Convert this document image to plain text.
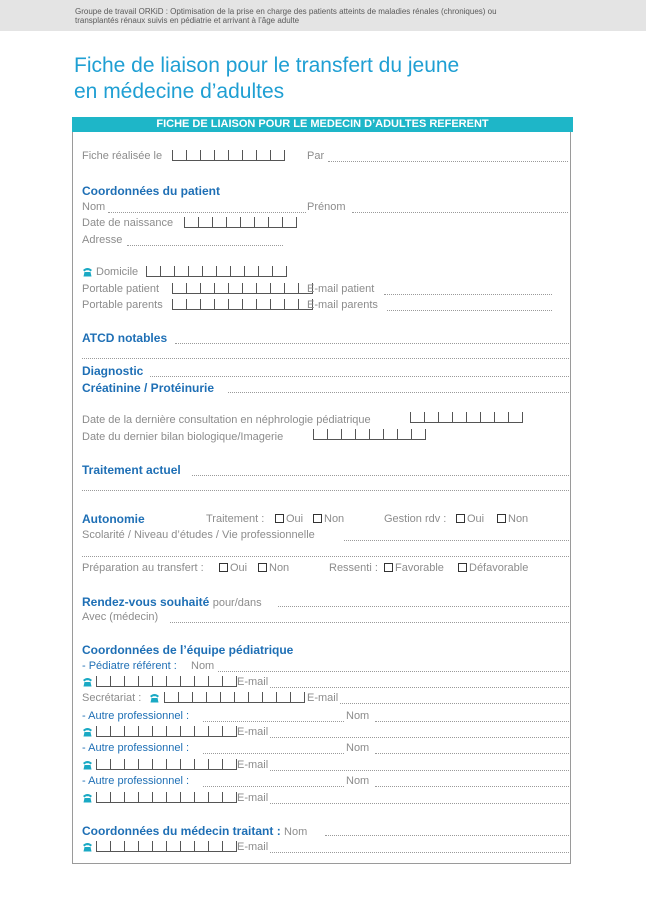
Groupe de travail ORKiD : Optimisation de la prise en charge des patients atteints de maladies rénales (chroniques) ou
transplantés rénaux suivis en pédiatrie et arrivant à l’âge adulte
Fiche de liaison pour le transfert du jeune
en médecine d’adultes
FICHE DE LIAISON POUR LE MEDECIN D’ADULTES REFERENT
Fiche réalisée le	Par
Coordonnées du patient
Nom	Prénom
Date de naissance
Adresse
Domicile
Portable patient	E-mail patient
Portable parents	E-mail parents
ATCD notables
Diagnostic
Créatinine / Protéinurie
Date de la dernière consultation en néphrologie pédiatrique
Date du dernier bilan biologique/Imagerie
Traitement actuel
Autonomie	Traitement :	Oui	Non	Gestion rdv :	Oui	Non
Scolarité / Niveau d’études / Vie professionnelle
Préparation au transfert :	Oui	Non	Ressenti :	Favorable	Défavorable
Rendez-vous souhaité pour/dans
Avec (médecin)
Coordonnées de l’équipe pédiatrique
- Pédiatre référent : Nom
E-mail
Secrétariat :	E-mail
- Autre professionnel :	Nom
E-mail
- Autre professionnel :	Nom
E-mail
- Autre professionnel :	Nom
E-mail
Coordonnées du médecin traitant : Nom
E-mail
